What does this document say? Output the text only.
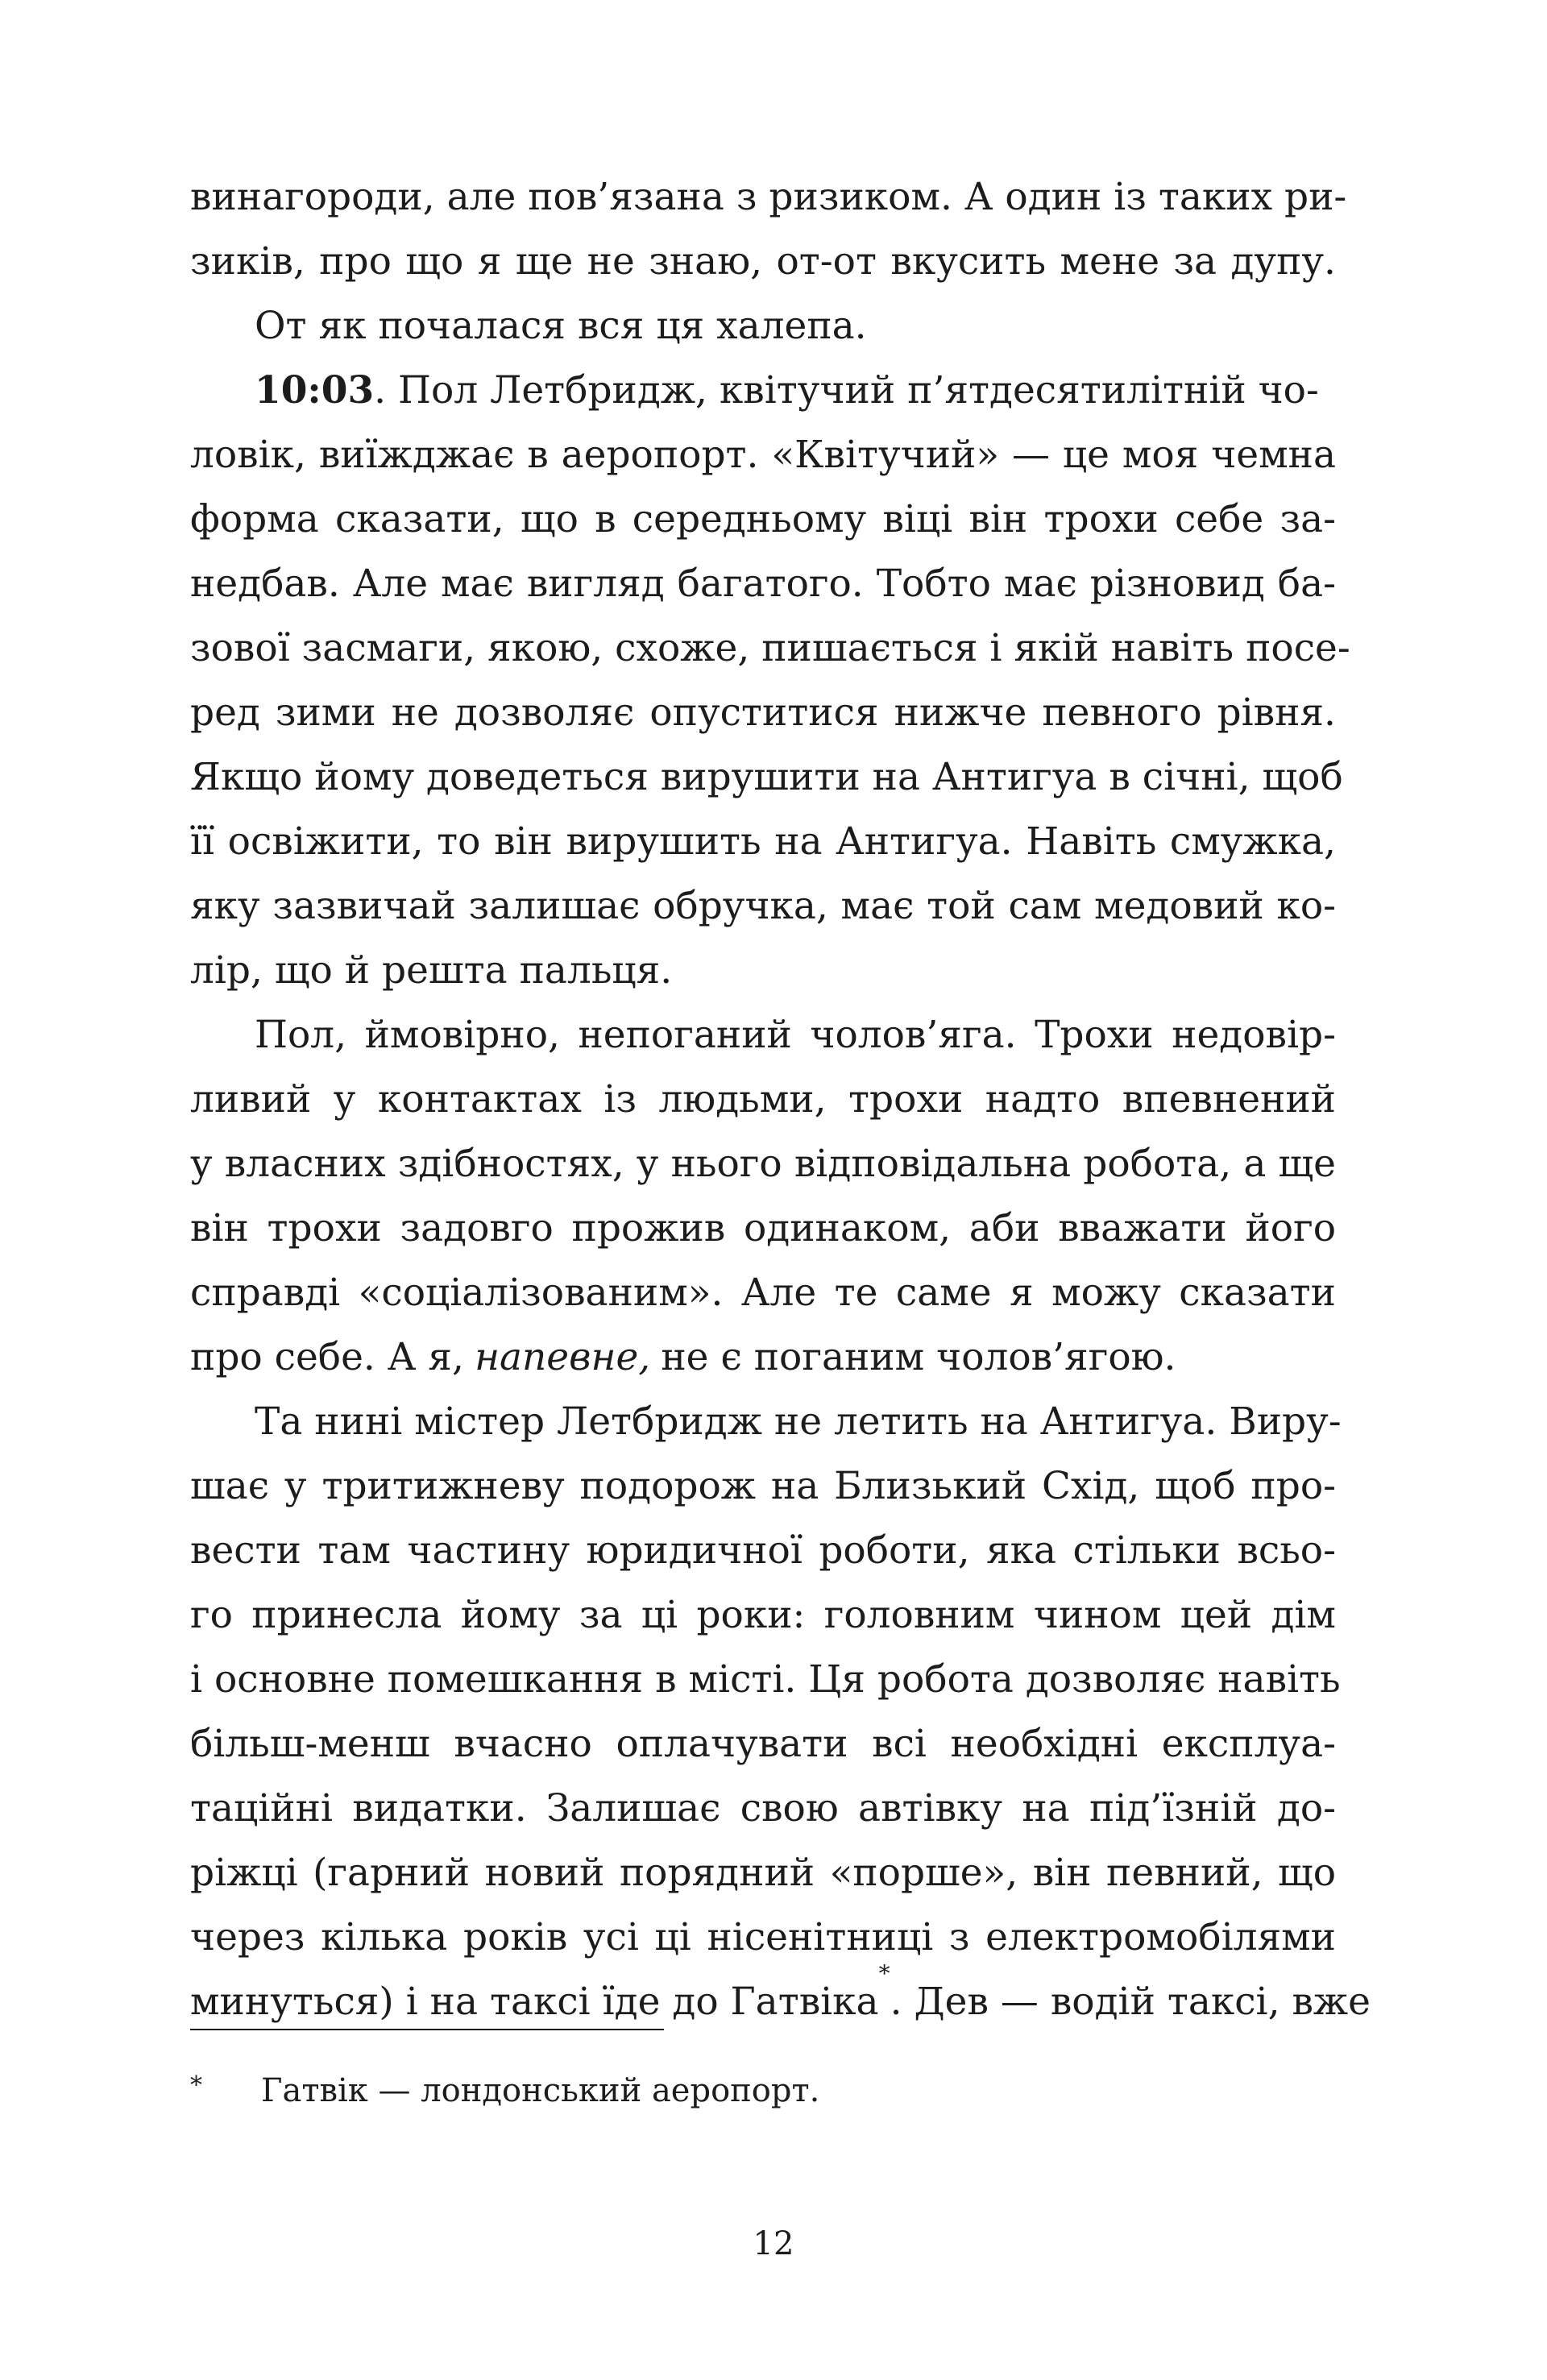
винагороди, але пов’язана з ризиком. А один із таких ри-
зиків, про що я ще не знаю, от-от вкусить мене за дупу.
От як почалася вся ця халепа.
10:03 . Пол Летбридж, квітучий п’ятдесятилітній чо-
ловік, виїжджає в аеропорт. «Квітучий» — це моя чемна
форма сказати, що в середньому віці він трохи себе за-
недбав. Але має вигляд багатого. Тобто має різновид ба-
зової засмаги, якою, схоже, пишається і якій навіть посе-
ред зими не дозволяє опуститися нижче певного рівня.
Якщо йому доведеться вирушити на Антигуа в січні, щоб
її освіжити, то він вирушить на Антигуа. Навіть смужка,
яку зазвичай залишає обручка, має той сам медовий ко-
лір, що й решта пальця.
Пол, ймовірно, непоганий чолов’яга. Трохи недовір-
ливий у контактах із людьми, трохи надто впевнений
у власних здібностях, у нього відповідальна робота, а ще
він трохи задовго прожив одинаком, аби вважати його
справді «соціалізованим». Але те саме я можу сказати
про себе. А я, напевне, не є поганим чолов’ягою.
Та нині містер Летбридж не летить на Антигуа. Виру-
шає у тритижневу подорож на Близький Схід, щоб про-
вести там частину юридичної роботи, яка стільки всьо-
го принесла йому за ці роки: головним чином цей дім
і основне помешкання в місті. Ця робота дозволяє навіть
більш-менш вчасно оплачувати всі необхідні експлуа-
таційні видатки. Залишає свою автівку на під’їзній до-
ріжці (гарний новий порядний «порше», він певний, що
через кілька років усі ці нісенітниці з електромобілями
минуться) і на таксі їде до Гатвіка
*
. Дев — водій таксі, вже
* Гатвік — лондонський аеропорт.
12
